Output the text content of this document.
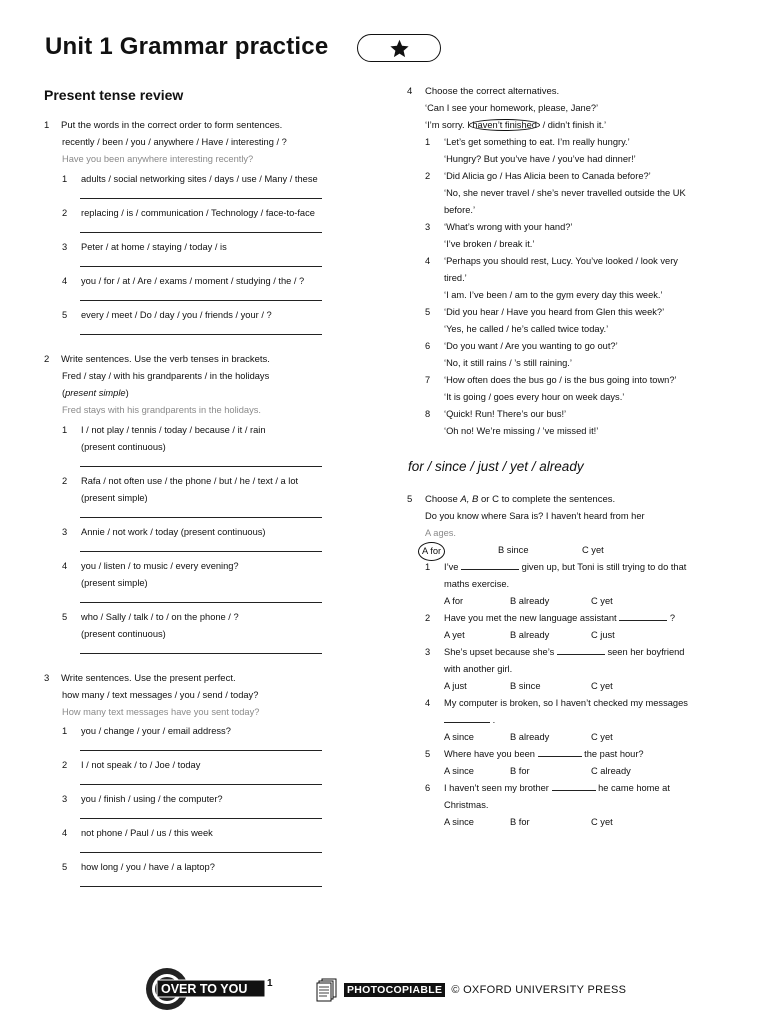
Unit 1 Grammar practice
Present tense review
1 Put the words in the correct order to form sentences.
recently / been / you / anywhere / Have / interesting / ?
Have you been anywhere interesting recently?
1 adults / social networking sites / days / use / Many / these
2 replacing / is / communication / Technology / face-to-face
3 Peter / at home / staying / today / is
4 you / for / at / Are / exams / moment / studying / the / ?
5 every / meet / Do / day / you / friends / your / ?
2 Write sentences. Use the verb tenses in brackets.
Fred / stay / with his grandparents / in the holidays
(present simple)
Fred stays with his grandparents in the holidays.
1 I / not play / tennis / today / because / it / rain
(present continuous)
2 Rafa / not often use / the phone / but / he / text / a lot
(present simple)
3 Annie / not work / today (present continuous)
4 you / listen / to music / every evening?
(present simple)
5 who / Sally / talk / to / on the phone / ?
(present continuous)
3 Write sentences. Use the present perfect.
how many / text messages / you / send / today?
How many text messages have you sent today?
1 you / change / your / email address?
2 I / not speak / to / Joe / today
3 you / finish / using / the computer?
4 not phone / Paul / us / this week
5 how long / you / have / a laptop?
4 Choose the correct alternatives.
‘Can I see your homework, please, Jane?’
‘I’m sorry. I haven’t finished / didn’t finish it.’
1 ‘Let’s get something to eat. I’m really hungry.’
‘Hungry? But you’ve have / you’ve had dinner!’
2 ‘Did Alicia go / Has Alicia been to Canada before?’
‘No, she never travel / she’s never travelled outside the UK
before.’
3 ‘What’s wrong with your hand?’
‘I’ve broken / break it.’
4 ‘Perhaps you should rest, Lucy. You’ve looked / look very
tired.’
‘I am. I’ve been / am to the gym every day this week.’
5 ‘Did you hear / Have you heard from Glen this week?’
‘Yes, he called / he’s called twice today.’
6 ‘Do you want / Are you wanting to go out?’
‘No, it still rains / ’s still raining.’
7 ‘How often does the bus go / is the bus going into town?’
‘It is going / goes every hour on week days.’
8 ‘Quick! Run! There’s our bus!’
‘Oh no! We’re missing / ’ve missed it!’
for / since / just / yet / already
5 Choose A, B or C to complete the sentences.
Do you know where Sara is? I haven’t heard from her
A ages.
A for	B since	C yet
1 I’ve	given up, but Toni is still trying to do that
maths exercise.
A for	B already	C yet
2 Have you met the new language assistant	?
A yet	B already	C just
3 She’s upset because she’s	seen her boyfriend
with another girl.
A just	B since	C yet
4 My computer is broken, so I haven’t checked my messages
.
A since	B already	C yet
5 Where have you been	the past hour?
A since	B for	C already
6 I haven’t seen my brother	he came home at
Christmas.
A since	B for	C yet
OVER TO YOU 1
PHOTOCOPIABLE © OXFORD UNIVERSITY PRESS
